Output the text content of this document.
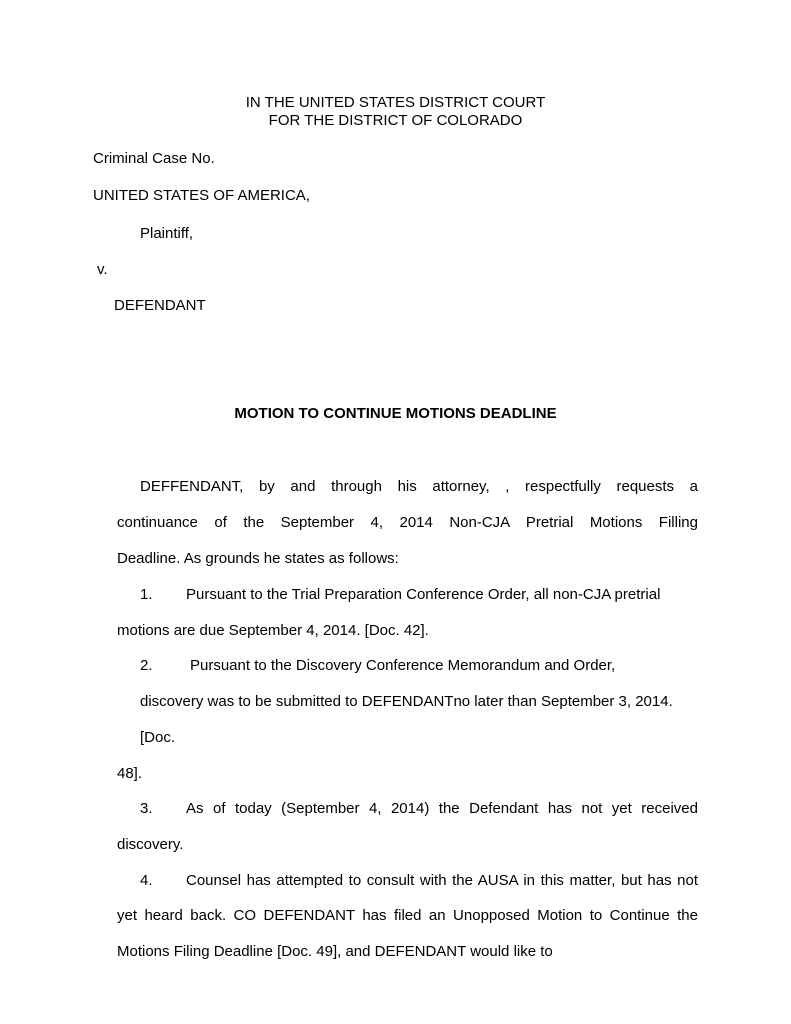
IN THE UNITED STATES DISTRICT COURT
FOR THE DISTRICT OF COLORADO
Criminal Case No.
UNITED STATES OF AMERICA,
Plaintiff,
v.
DEFENDANT
·
MOTION TO CONTINUE MOTIONS DEADLINE
·
DEFFENDANT, by and through his attorney, , respectfully requests a
continuance of the September 4, 2014 Non-CJA Pretrial Motions Filling
Deadline. As grounds he states as follows:
1. Pursuant to the Trial Preparation Conference Order, all non-CJA pretrial
motions are due September 4, 2014. [Doc. 42].
2. Pursuant to the Discovery Conference Memorandum and Order,
discovery was to be submitted to DEFENDANTno later than September 3, 2014.
[Doc.
48].
3. As of today (September 4, 2014) the Defendant has not yet received
discovery.
4. Counsel has attempted to consult with the AUSA in this matter, but has not
yet heard back. CO DEFENDANT has filed an Unopposed Motion to Continue the
Motions Filing Deadline [Doc. 49], and DEFENDANT would like to
